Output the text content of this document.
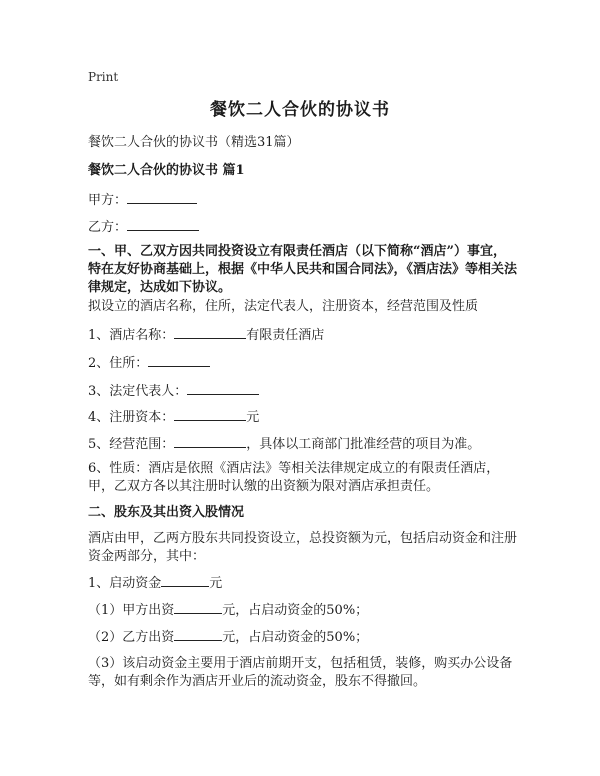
Print
餐饮二人合伙的协议书
餐饮二人合伙的协议书（精选31篇）
餐饮二人合伙的协议书 篇1
甲方：
乙方：
一、甲、乙双方因共同投资设立有限责任酒店（以下简称“酒店”）事宜，特在友好协商基础上，根据《中华人民共和国合同法》，《酒店法》等相关法律规定，达成如下协议。
拟设立的酒店名称，住所，法定代表人，注册资本，经营范围及性质
1、酒店名称：	有限责任酒店
2、住所：
3、法定代表人：
4、注册资本：	元
5、经营范围：	，具体以工商部门批准经营的项目为准。
6、性质：酒店是依照《酒店法》等相关法律规定成立的有限责任酒店，甲，乙双方各以其注册时认缴的出资额为限对酒店承担责任。
二、股东及其出资入股情况
酒店由甲，乙两方股东共同投资设立，总投资额为元，包括启动资金和注册资金两部分，其中：
1、启动资金	元
（1）甲方出资	元，占启动资金的50%；
（2）乙方出资	元，占启动资金的50%；
（3）该启动资金主要用于酒店前期开支，包括租赁，装修，购买办公设备等，如有剩余作为酒店开业后的流动资金，股东不得撤回。
